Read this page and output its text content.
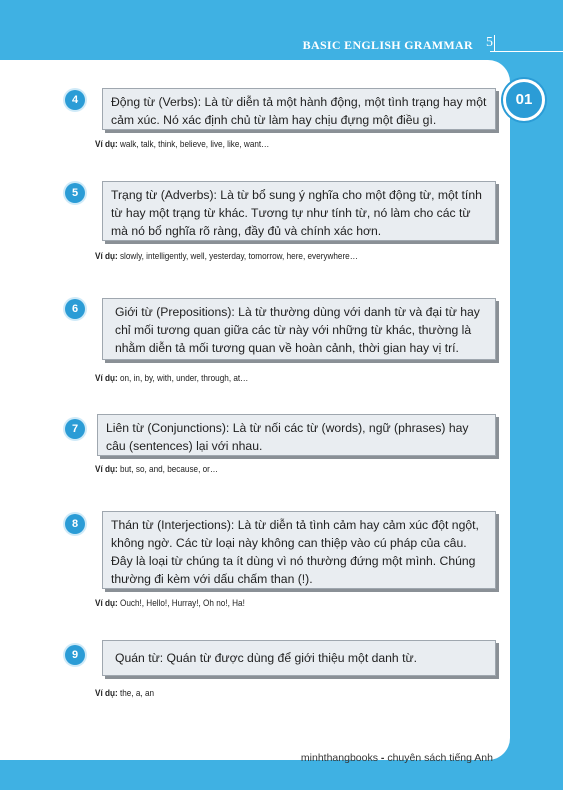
BASIC ENGLISH GRAMMAR 5
01
4	Động từ (Verbs): Là từ diễn tả một hành động, một tình trạng hay một cảm xúc. Nó xác định chủ từ làm hay chịu đựng một điều gì.
Ví dụ: walk, talk, think, believe, live, like, want…
5	Trạng từ (Adverbs): Là từ bổ sung ý nghĩa cho một động từ, một tính từ hay một trạng từ khác. Tương tự như tính từ, nó làm cho các từ mà nó bổ nghĩa rõ ràng, đầy đủ và chính xác hơn.
Ví dụ: slowly, intelligently, well, yesterday, tomorrow, here, everywhere…
6	Giới từ (Prepositions): Là từ thường dùng với danh từ và đại từ hay chỉ mối tương quan giữa các từ này với những từ khác, thường là nhằm diễn tả mối tương quan về hoàn cảnh, thời gian hay vị trí.
Ví dụ: on, in, by, with, under, through, at…
7	Liên từ (Conjunctions): Là từ nối các từ (words), ngữ (phrases) hay câu (sentences) lại với nhau.
Ví dụ: but, so, and, because, or…
8	Thán từ (Interjections): Là từ diễn tả tình cảm hay cảm xúc đột ngột, không ngờ. Các từ loại này không can thiệp vào cú pháp của câu. Đây là loại từ chúng ta ít dùng vì nó thường đứng một mình. Chúng thường đi kèm với dấu chấm than (!).
Ví dụ: Ouch!, Hello!, Hurray!, Oh no!, Ha!
9	Quán từ: Quán từ được dùng để giới thiệu một danh từ.
Ví dụ: the, a, an
minhthangbooks - chuyên sách tiếng Anh
